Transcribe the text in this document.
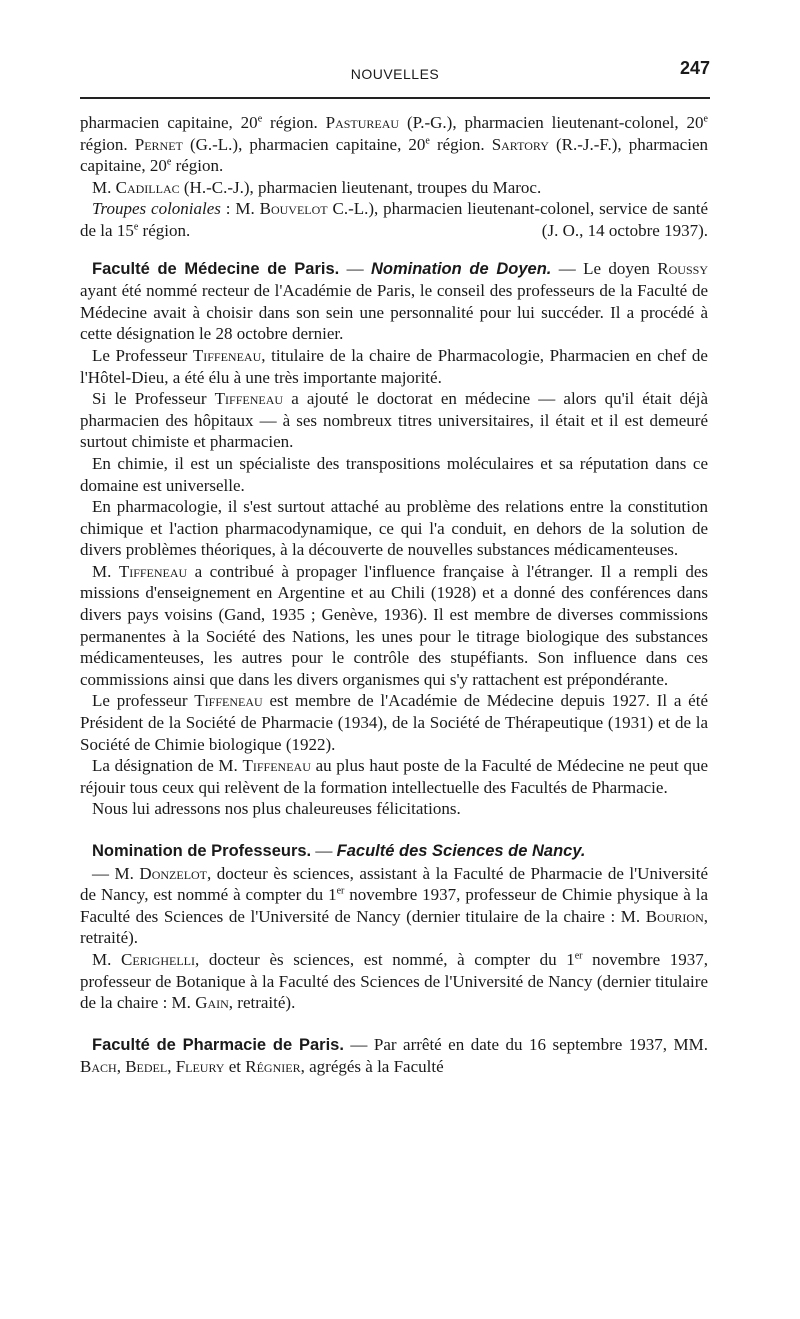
NOUVELLES	247

pharmacien capitaine, 20e région. Pastureau (P.-G.), pharmacien lieutenant-colonel, 20e région. Pernet (G.-L.), pharmacien capitaine, 20e région. Sartory (R.-J.-F.), pharmacien capitaine, 20e région.

M. Cadillac (H.-C.-J.), pharmacien lieutenant, troupes du Maroc.

Troupes coloniales : M. Bouvelot C.-L.), pharmacien lieutenant-colonel, service de santé de la 15e région.	(J. O., 14 octobre 1937).

Faculté de Médecine de Paris. — Nomination de Doyen. — Le doyen Roussy ayant été nommé recteur de l'Académie de Paris, le conseil des professeurs de la Faculté de Médecine avait à choisir dans son sein une personnalité pour lui succéder. Il a procédé à cette désignation le 28 octobre dernier.

Le Professeur Tiffeneau, titulaire de la chaire de Pharmacologie, Pharmacien en chef de l'Hôtel-Dieu, a été élu à une très importante majorité.

Si le Professeur Tiffeneau a ajouté le doctorat en médecine — alors qu'il était déjà pharmacien des hôpitaux — à ses nombreux titres universitaires, il était et il est demeuré surtout chimiste et pharmacien.

En chimie, il est un spécialiste des transpositions moléculaires et sa réputation dans ce domaine est universelle.

En pharmacologie, il s'est surtout attaché au problème des relations entre la constitution chimique et l'action pharmacodynamique, ce qui l'a conduit, en dehors de la solution de divers problèmes théoriques, à la découverte de nouvelles substances médicamenteuses.

M. Tiffeneau a contribué à propager l'influence française à l'étranger. Il a rempli des missions d'enseignement en Argentine et au Chili (1928) et a donné des conférences dans divers pays voisins (Gand, 1935 ; Genève, 1936). Il est membre de diverses commissions permanentes à la Société des Nations, les unes pour le titrage biologique des substances médicamenteuses, les autres pour le contrôle des stupéfiants. Son influence dans ces commissions ainsi que dans les divers organismes qui s'y rattachent est prépondérante.

Le professeur Tiffeneau est membre de l'Académie de Médecine depuis 1927. Il a été Président de la Société de Pharmacie (1934), de la Société de Thérapeutique (1931) et de la Société de Chimie biologique (1922).

La désignation de M. Tiffeneau au plus haut poste de la Faculté de Médecine ne peut que réjouir tous ceux qui relèvent de la formation intellectuelle des Facultés de Pharmacie.

Nous lui adressons nos plus chaleureuses félicitations.

Nomination de Professeurs. — Faculté des Sciences de Nancy.

— M. Donzelot, docteur ès sciences, assistant à la Faculté de Pharmacie de l'Université de Nancy, est nommé à compter du 1er novembre 1937, professeur de Chimie physique à la Faculté des Sciences de l'Université de Nancy (dernier titulaire de la chaire : M. Bourion, retraité).

M. Cerighelli, docteur ès sciences, est nommé, à compter du 1er novembre 1937, professeur de Botanique à la Faculté des Sciences de l'Université de Nancy (dernier titulaire de la chaire : M. Gain, retraité).

Faculté de Pharmacie de Paris. — Par arrêté en date du 16 septembre 1937, MM. Bach, Bedel, Fleury et Régnier, agrégés à la Faculté
